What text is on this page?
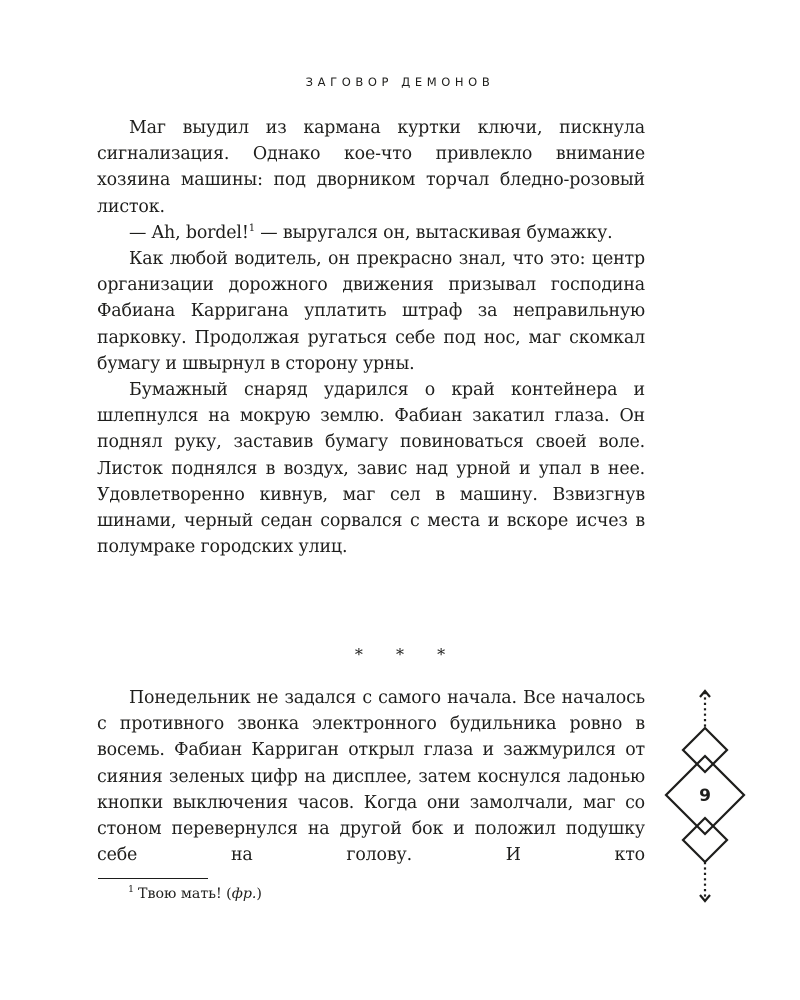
ЗАГОВОР ДЕМОНОВ

Маг выудил из кармана куртки ключи, пискнула сигнализация. Однако кое-что привлекло внимание хозяина машины: под дворником торчал бледно-розовый листок.

— Ah, bordel!$^1$ — выругался он, вытаскивая бумажку.

Как любой водитель, он прекрасно знал, что это: центр организации дорожного движения призывал господина Фабиана Карригана уплатить штраф за неправильную парковку. Продолжая ругаться себе под нос, маг скомкал бумагу и швырнул в сторону урны.

Бумажный снаряд ударился о край контейнера и шлепнулся на мокрую землю. Фабиан закатил глаза. Он поднял руку, заставив бумагу повиноваться своей воле. Листок поднялся в воздух, завис над урной и упал в нее. Удовлетворенно кивнув, маг сел в машину. Взвизгнув шинами, черный седан сорвался с места и вскоре исчез в полумраке городских улиц.

* * *

Понедельник не задался с самого начала. Все началось с противного звонка электронного будильника ровно в восемь. Фабиан Карриган открыл глаза и зажмурился от сияния зеленых цифр на дисплее, затем коснулся ладонью кнопки выключения часов. Когда они замолчали, маг со стоном перевернулся на другой бок и положил подушку себе на голову. И кто

$^1$ Твою мать! (фр.)
9
